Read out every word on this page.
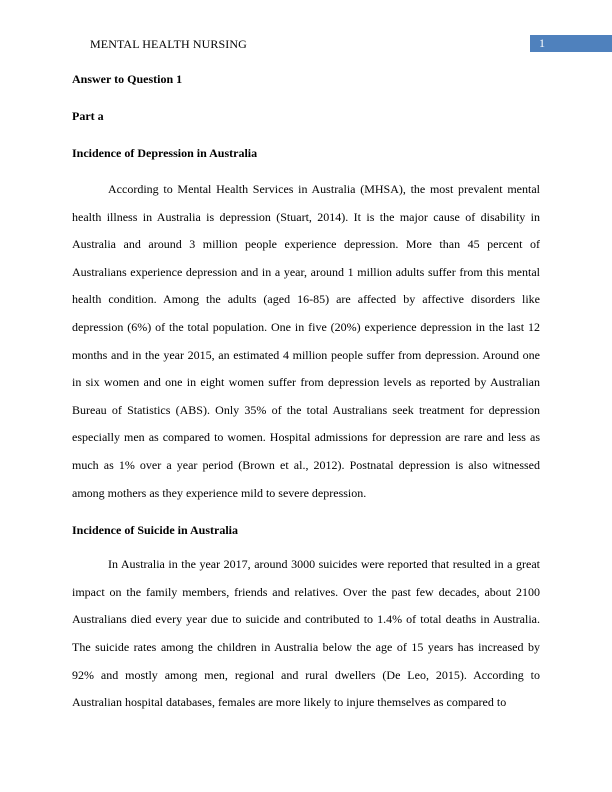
MENTAL HEALTH NURSING	1

Answer to Question 1

Part a

Incidence of Depression in Australia

According to Mental Health Services in Australia (MHSA), the most prevalent mental health illness in Australia is depression (Stuart, 2014). It is the major cause of disability in Australia and around 3 million people experience depression. More than 45 percent of Australians experience depression and in a year, around 1 million adults suffer from this mental health condition. Among the adults (aged 16-85) are affected by affective disorders like depression (6%) of the total population. One in five (20%) experience depression in the last 12 months and in the year 2015, an estimated 4 million people suffer from depression. Around one in six women and one in eight women suffer from depression levels as reported by Australian Bureau of Statistics (ABS). Only 35% of the total Australians seek treatment for depression especially men as compared to women. Hospital admissions for depression are rare and less as much as 1% over a year period (Brown et al., 2012). Postnatal depression is also witnessed among mothers as they experience mild to severe depression.

Incidence of Suicide in Australia

In Australia in the year 2017, around 3000 suicides were reported that resulted in a great impact on the family members, friends and relatives. Over the past few decades, about 2100 Australians died every year due to suicide and contributed to 1.4% of total deaths in Australia. The suicide rates among the children in Australia below the age of 15 years has increased by 92% and mostly among men, regional and rural dwellers (De Leo, 2015). According to Australian hospital databases, females are more likely to injure themselves as compared to
